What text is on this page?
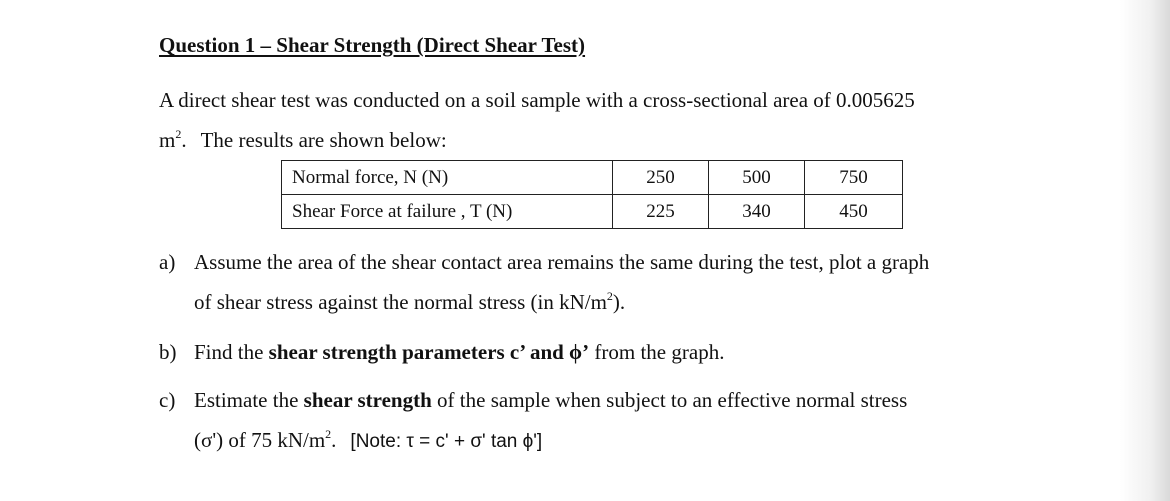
Question 1 – Shear Strength (Direct Shear Test)
A direct shear test was conducted on a soil sample with a cross-sectional area of 0.005625
$m^2$. The results are shown below:
Normal force, N (N)	250	500	750
Shear Force at failure , T (N)	225	340	450
a) Assume the area of the shear contact area remains the same during the test, plot a graph
of shear stress against the normal stress (in $kN/m^2$).
b) Find the shear strength parameters c’ and ϕ’ from the graph.
c) Estimate the shear strength of the sample when subject to an effective normal stress
(σ') of 75 $kN/m^2$. [Note: τ = c' + σ' tan ϕ']
